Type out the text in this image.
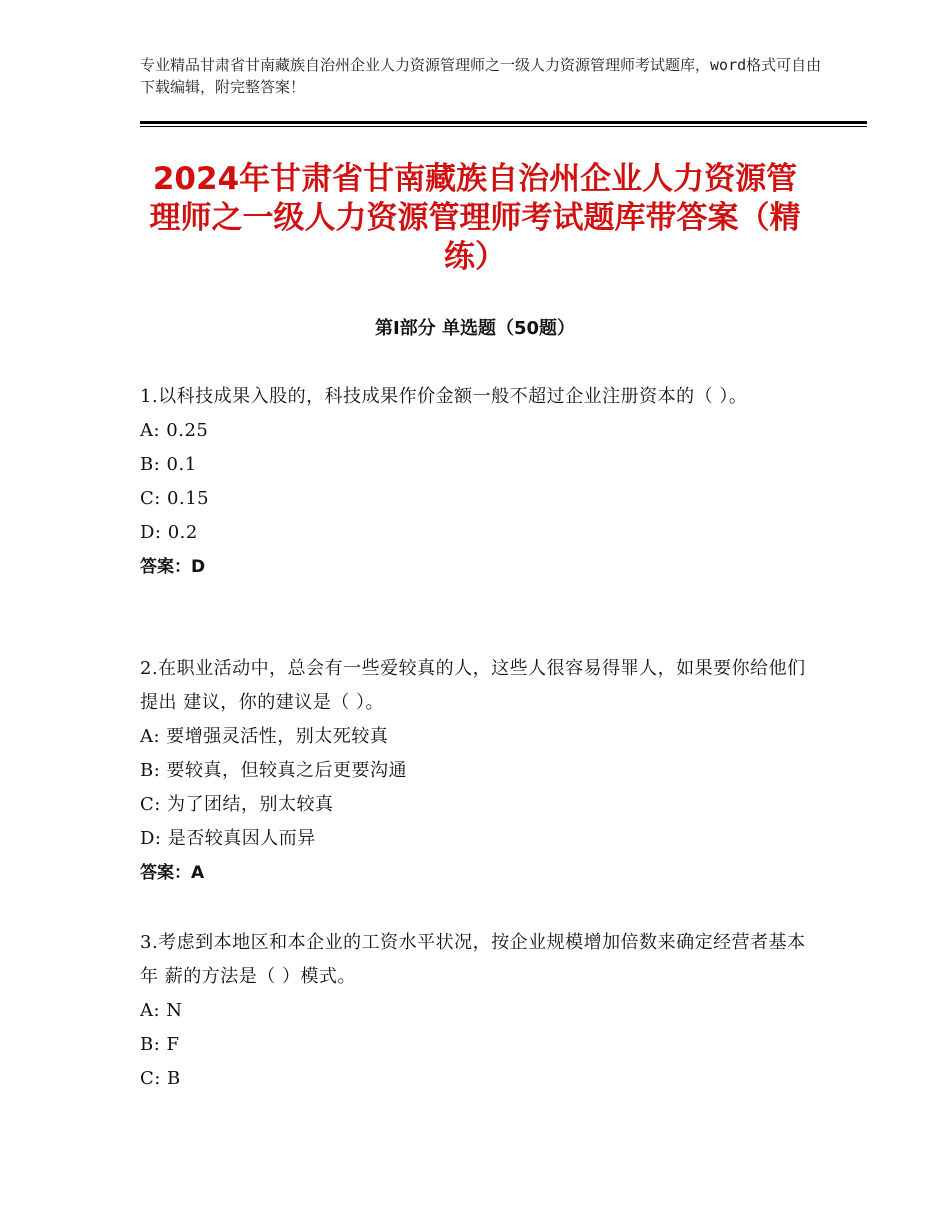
专业精品甘肃省甘南藏族自治州企业人力资源管理师之一级人力资源管理师考试题库，word格式可自由下载编辑，附完整答案！
2024年甘肃省甘南藏族自治州企业人力资源管理师之一级人力资源管理师考试题库带答案（精练）
第Ⅰ部分 单选题（50题）

1.以科技成果入股的，科技成果作价金额一般不超过企业注册资本的（ ）。

A: 0.25

B: 0.1

C: 0.15

D: 0.2

答案：D

2.在职业活动中，总会有一些爱较真的人，这些人很容易得罪人，如果要你给他们提出 建议，你的建议是（ ）。

A: 要增强灵活性，别太死较真

B: 要较真，但较真之后更要沟通

C: 为了团结，别太较真

D: 是否较真因人而异

答案：A

3.考虑到本地区和本企业的工资水平状况，按企业规模增加倍数来确定经营者基本年 薪的方法是（ ）模式。

A: N

B: F

C: B
